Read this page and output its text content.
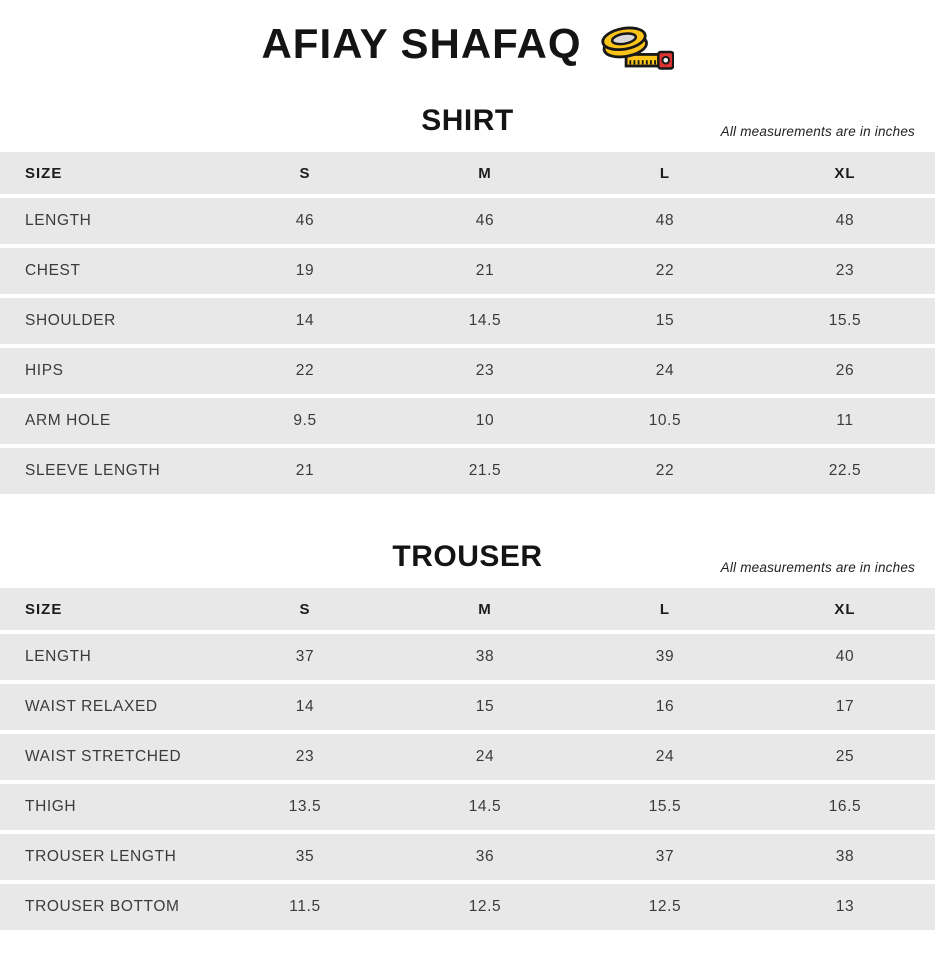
AFIAY SHAFAQ
SHIRT	All measurements are in inches
SIZE	S	M	L	XL
LENGTH	46	46	48	48
CHEST	19	21	22	23
SHOULDER	14	14.5	15	15.5
HIPS	22	23	24	26
ARM HOLE	9.5	10	10.5	11
SLEEVE LENGTH	21	21.5	22	22.5
TROUSER	All measurements are in inches
SIZE	S	M	L	XL
LENGTH	37	38	39	40
WAIST RELAXED	14	15	16	17
WAIST STRETCHED	23	24	24	25
THIGH	13.5	14.5	15.5	16.5
TROUSER LENGTH	35	36	37	38
TROUSER BOTTOM	11.5	12.5	12.5	13
